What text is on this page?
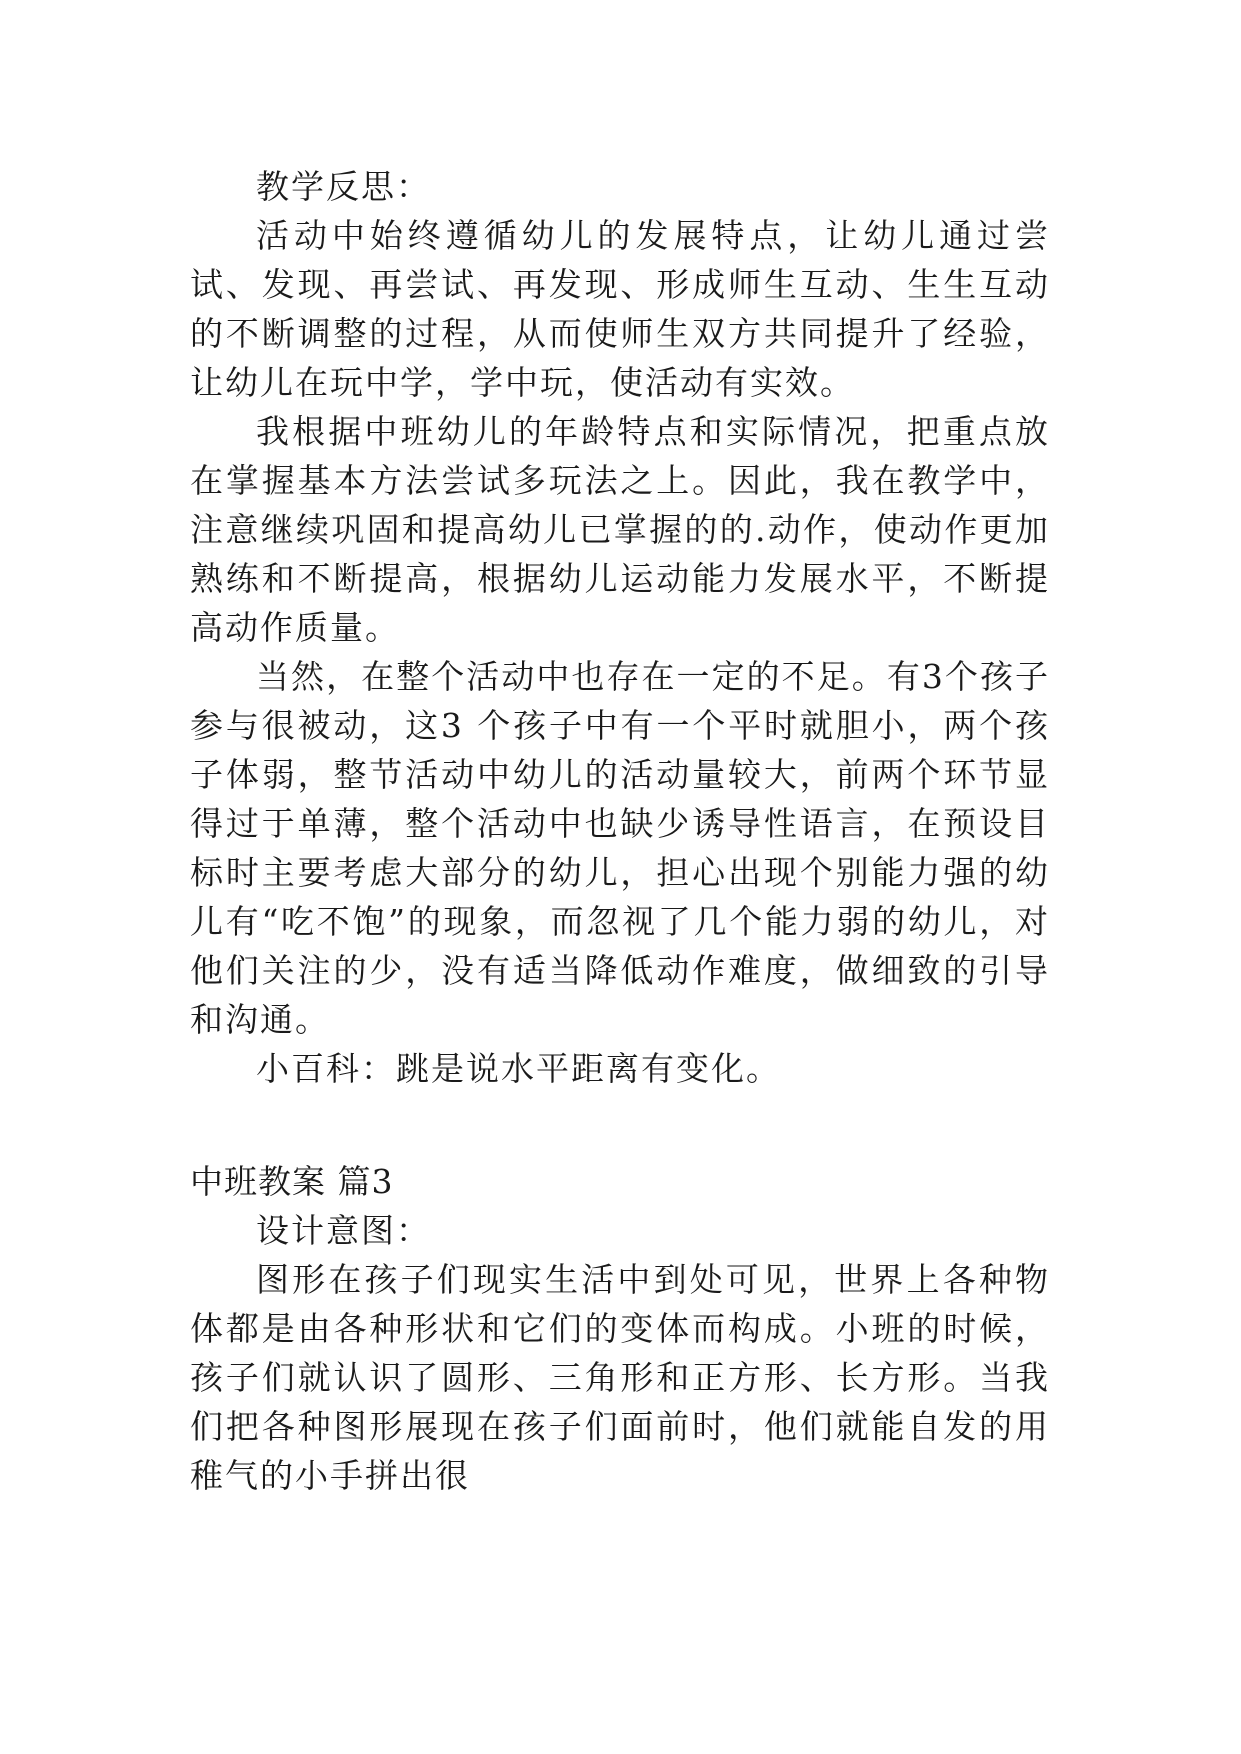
教学反思：

活动中始终遵循幼儿的发展特点，让幼儿通过尝试、发现、再尝试、再发现、形成师生互动、生生互动的不断调整的过程，从而使师生双方共同提升了经验，让幼儿在玩中学，学中玩，使活动有实效。

我根据中班幼儿的年龄特点和实际情况，把重点放在掌握基本方法尝试多玩法之上。因此，我在教学中，注意继续巩固和提高幼儿已掌握的的.动作，使动作更加熟练和不断提高，根据幼儿运动能力发展水平，不断提高动作质量。

当然，在整个活动中也存在一定的不足。有3个孩子参与很被动，这3 个孩子中有一个平时就胆小，两个孩子体弱，整节活动中幼儿的活动量较大，前两个环节显得过于单薄，整个活动中也缺少诱导性语言，在预设目标时主要考虑大部分的幼儿，担心出现个别能力强的幼儿有“吃不饱”的现象，而忽视了几个能力弱的幼儿，对他们关注的少，没有适当降低动作难度，做细致的引导和沟通。

小百科：跳是说水平距离有变化。

中班教案 篇3

设计意图：

图形在孩子们现实生活中到处可见，世界上各种物体都是由各种形状和它们的变体而构成。小班的时候，孩子们就认识了圆形、三角形和正方形、长方形。当我们把各种图形展现在孩子们面前时，他们就能自发的用稚气的小手拼出很
